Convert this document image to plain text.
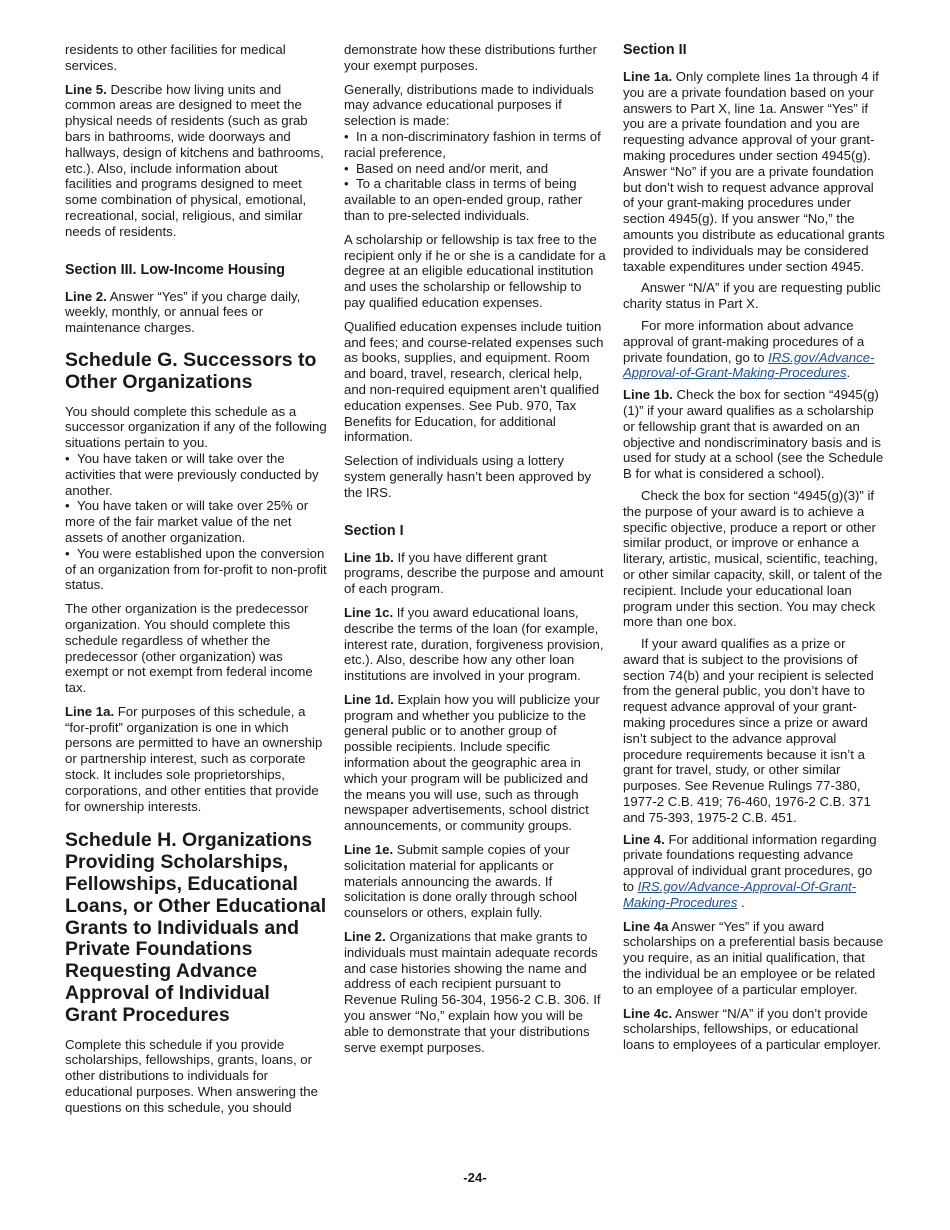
residents to other facilities for medical services.

Line 5. Describe how living units and common areas are designed to meet the physical needs of residents (such as grab bars in bathrooms, wide doorways and hallways, design of kitchens and bathrooms, etc.). Also, include information about facilities and programs designed to meet some combination of physical, emotional, recreational, social, religious, and similar needs of residents.

Section III. Low-Income Housing

Line 2. Answer “Yes” if you charge daily, weekly, monthly, or annual fees or maintenance charges.

Schedule G. Successors to Other Organizations

You should complete this schedule as a successor organization if any of the following situations pertain to you.

• You have taken or will take over the activities that were previously conducted by another.
• You have taken or will take over 25% or more of the fair market value of the net assets of another organization.
• You were established upon the conversion of an organization from for-profit to non-profit status.

The other organization is the predecessor organization. You should complete this schedule regardless of whether the predecessor (other organization) was exempt or not exempt from federal income tax.

Line 1a. For purposes of this schedule, a “for-profit” organization is one in which persons are permitted to have an ownership or partnership interest, such as corporate stock. It includes sole proprietorships, corporations, and other entities that provide for ownership interests.

Schedule H. Organizations Providing Scholarships, Fellowships, Educational Loans, or Other Educational Grants to Individuals and Private Foundations Requesting Advance Approval of Individual Grant Procedures

Complete this schedule if you provide scholarships, fellowships, grants, loans, or other distributions to individuals for educational purposes. When answering the questions on this schedule, you should

demonstrate how these distributions further your exempt purposes.

Generally, distributions made to individuals may advance educational purposes if selection is made:

• In a non-discriminatory fashion in terms of racial preference,
• Based on need and/or merit, and
• To a charitable class in terms of being available to an open-ended group, rather than to pre-selected individuals.

A scholarship or fellowship is tax free to the recipient only if he or she is a candidate for a degree at an eligible educational institution and uses the scholarship or fellowship to pay qualified education expenses.

Qualified education expenses include tuition and fees; and course-related expenses such as books, supplies, and equipment. Room and board, travel, research, clerical help, and non-required equipment aren’t qualified education expenses. See Pub. 970, Tax Benefits for Education, for additional information.

Selection of individuals using a lottery system generally hasn’t been approved by the IRS.

Section I

Line 1b. If you have different grant programs, describe the purpose and amount of each program.

Line 1c. If you award educational loans, describe the terms of the loan (for example, interest rate, duration, forgiveness provision, etc.). Also, describe how any other loan institutions are involved in your program.

Line 1d. Explain how you will publicize your program and whether you publicize to the general public or to another group of possible recipients. Include specific information about the geographic area in which your program will be publicized and the means you will use, such as through newspaper advertisements, school district announcements, or community groups.

Line 1e. Submit sample copies of your solicitation material for applicants or materials announcing the awards. If solicitation is done orally through school counselors or others, explain fully.

Line 2. Organizations that make grants to individuals must maintain adequate records and case histories showing the name and address of each recipient pursuant to Revenue Ruling 56-304, 1956-2 C.B. 306. If you answer “No,” explain how you will be able to demonstrate that your distributions serve exempt purposes.

Section II

Line 1a. Only complete lines 1a through 4 if you are a private foundation based on your answers to Part X, line 1a. Answer “Yes” if you are a private foundation and you are requesting advance approval of your grant-making procedures under section 4945(g). Answer “No” if you are a private foundation but don’t wish to request advance approval of your grant-making procedures under section 4945(g). If you answer “No,” the amounts you distribute as educational grants provided to individuals may be considered taxable expenditures under section 4945.

Answer “N/A” if you are requesting public charity status in Part X.

For more information about advance approval of grant-making procedures of a private foundation, go to IRS.gov/Advance-Approval-of-Grant-Making-Procedures.

Line 1b. Check the box for section “4945(g)(1)” if your award qualifies as a scholarship or fellowship grant that is awarded on an objective and nondiscriminatory basis and is used for study at a school (see the Schedule B for what is considered a school).

Check the box for section “4945(g)(3)” if the purpose of your award is to achieve a specific objective, produce a report or other similar product, or improve or enhance a literary, artistic, musical, scientific, teaching, or other similar capacity, skill, or talent of the recipient. Include your educational loan program under this section. You may check more than one box.

If your award qualifies as a prize or award that is subject to the provisions of section 74(b) and your recipient is selected from the general public, you don’t have to request advance approval of your grant-making procedures since a prize or award isn’t subject to the advance approval procedure requirements because it isn’t a grant for travel, study, or other similar purposes. See Revenue Rulings 77-380, 1977-2 C.B. 419; 76-460, 1976-2 C.B. 371 and 75-393, 1975-2 C.B. 451.

Line 4. For additional information regarding private foundations requesting advance approval of individual grant procedures, go to IRS.gov/Advance-Approval-Of-Grant-Making-Procedures .

Line 4a Answer “Yes” if you award scholarships on a preferential basis because you require, as an initial qualification, that the individual be an employee or be related to an employee of a particular employer.

Line 4c. Answer “N/A” if you don’t provide scholarships, fellowships, or educational loans to employees of a particular employer.

-24-
